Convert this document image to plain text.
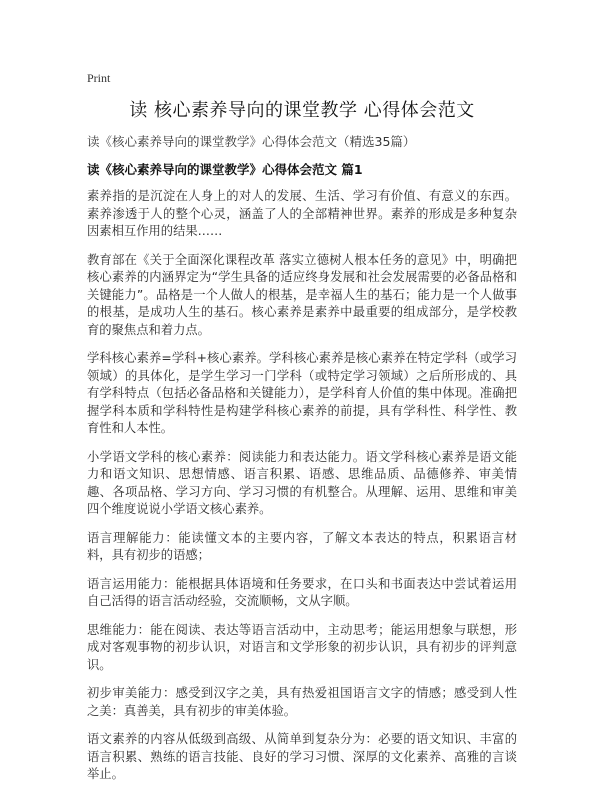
Print
读 核心素养导向的课堂教学 心得体会范文

读《核心素养导向的课堂教学》心得体会范文（精选35篇）

读《核心素养导向的课堂教学》心得体会范文 篇1

素养指的是沉淀在人身上的对人的发展、生活、学习有价值、有意义的东西。素养渗透于人的整个心灵，涵盖了人的全部精神世界。素养的形成是多种复杂因素相互作用的结果……

教育部在《关于全面深化课程改革 落实立德树人根本任务的意见》中，明确把核心素养的内涵界定为“学生具备的适应终身发展和社会发展需要的必备品格和关键能力”。品格是一个人做人的根基，是幸福人生的基石；能力是一个人做事的根基，是成功人生的基石。核心素养是素养中最重要的组成部分，是学校教育的聚焦点和着力点。

学科核心素养=学科+核心素养。学科核心素养是核心素养在特定学科（或学习领域）的具体化，是学生学习一门学科（或特定学习领域）之后所形成的、具有学科特点（包括必备品格和关键能力），是学科育人价值的集中体现。准确把握学科本质和学科特性是构建学科核心素养的前提，具有学科性、科学性、教育性和人本性。

小学语文学科的核心素养：阅读能力和表达能力。语文学科核心素养是语文能力和语文知识、思想情感、语言积累、语感、思维品质、品德修养、审美情趣、各项品格、学习方向、学习习惯的有机整合。从理解、运用、思维和审美四个维度说说小学语文核心素养。

语言理解能力：能读懂文本的主要内容，了解文本表达的特点，积累语言材料，具有初步的语感；

语言运用能力：能根据具体语境和任务要求，在口头和书面表达中尝试着运用自己活得的语言活动经验，交流顺畅，文从字顺。

思维能力：能在阅读、表达等语言活动中，主动思考；能运用想象与联想，形成对客观事物的初步认识，对语言和文学形象的初步认识，具有初步的评判意识。

初步审美能力：感受到汉字之美，具有热爱祖国语言文字的情感；感受到人性之美：真善美，具有初步的审美体验。

语文素养的内容从低级到高级、从简单到复杂分为：必要的语文知识、丰富的语言积累、熟练的语言技能、良好的学习习惯、深厚的文化素养、高雅的言谈举止。
